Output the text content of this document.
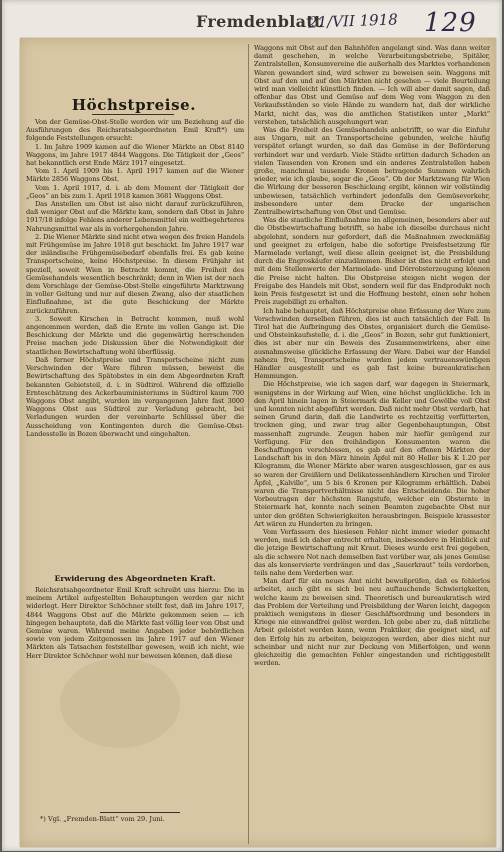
Fremdenblatt
21/VII 1918 129
Höchstpreise.

Von der Gemüse-Obst-Stelle werden wir um Beziehung auf die Ausführungen des Reichsratsabgeordneten Emil Kraft*) um folgende Feststellungen ersucht:

1. Im Jahre 1909 kamen auf die Wiener Märkte an Obst 8140 Waggons, im Jahre 1917 4844 Waggons. Die Tätigkeit der „Geos“ hat bekanntlich erst Ende März 1917 eingesetzt.

Vom 1. April 1909 bis 1. April 1917 kamen auf die Wiener Märkte 2856 Waggons Obst.

Vom 1. April 1917, d. i. ab dem Moment der Tätigkeit der „Geos“ an bis zum 1. April 1918 kamen 3681 Waggons Obst.

Das Anstellen um Obst ist also nicht darauf zurückzuführen, daß weniger Obst auf die Märkte kam, sondern daß Obst in Jahre 1917/18 infolge Fehlens anderer Lebensmittel ein weitbegehrteres Nahrungsmittel war als in vorhergehenden Jahre.

2. Die Wiener Märkte sind nicht etwa wegen des freien Handels mit Frühgemüse im Jahre 1918 gut beschickt. Im Jahre 1917 war der inländische Frühgemüsebedarf ebenfalls frei. Es gab keine Transportscheine, keine Höchstpreise. In diesem Frühjahr ist speziell, soweit Wien in Betracht kommt, die Freiheit des Gemüsehandels wesentlich beschränkt; denn in Wien ist der nach dem Vorschlage der Gemüse-Obst-Stelle eingeführte Marktzwang in voller Geltung und nur auf diesen Zwang, also der staatlichen Einflußnahme, ist die gute Beschickung der Märkte zurückzuführen.

3. Soweit Kirschen in Betracht kommen, muß wohl angenommen werden, daß die Ernte im vollen Gange ist. Die Beschickung der Märkte und die gegenwärtig herrschenden Preise machen jede Diskussion über die Notwendigkeit der staatlichen Bewirtschaftung wohl überflüssig.

Daß ferner Höchstpreise und Transportscheine nicht zum Verschwinden der Ware führen müssen, beweist die Bewirtschaftung des Spätobstes in ein dem Abgeordneten Kraft bekannten Gebietsteil, d. i. in Südtirol. Während die offizielle Ernteschätzung des Ackerbauministeriums in Südtirol kaum 700 Waggons Obst angibt, wurden im vergangenen Jahre fast 3000 Waggons Obst aus Südtirol zur Verladung gebracht, bei Verladungen wurden der vereinbarte Schlüssel über die Ausscheidung von Kontingenten durch die Gemüse-Obst-Landesstelle in Bozen überwacht und eingehalten.

Erwiderung des Abgeordneten Kraft.

Reichsratsabgeordneter Emil Kraft schreibt uns hierzu: Die in meinem Artikel aufgestellten Behauptungen werden gar nicht widerlegt. Herr Direktor Schöchner stellt fest, daß im Jahre 1917, 4844 Waggons Obst auf die Märkte gekommen seien — ich hingegen behauptete, daß die Märkte fast völlig leer von Obst und Gemüse waren. Während meine Angaben jeder behördlichen sowie von jedem Zeitgenossen im Jahre 1917 auf den Wiener Märkten als Tatsachen feststellbar gewesen, weiß ich nicht, wie Herr Direktor Schöchner wohl nur beweisen können, daß diese

*) Vgl. „Fremden-Blatt“ vom 29. Juni.

Waggons mit Obst auf den Bahnhöfen angelangt sind. Was dann weiter damit geschehen, in welche Verarbeitungsbetriebe, Spitäler, Zentralstellen, Konsumvereine die außerhalb des Marktes vorhandenen Waren gewandert sind, wird schwer zu beweisen sein. Waggons mit Obst auf den und auf den Märkten nicht gesehen — viele Beurteilung wird man vielleicht künstlich finden. — Ich will aber damit sagen, daß offenbar das Obst und Gemüse auf dem Weg vom Waggon zu den Verkaufsständen so viele Hände zu wandern hat, daß der wirkliche Markt, nicht das, was die amtlichen Statistiken unter „Markt“ verstehen, tatsächlich ausgehungert war.

Was die Freiheit des Gemüsehandels anbetrifft, so war die Einfuhr aus Ungarn, mit an Transportscheine gebunden, welche häufig verspätet erlangt wurden, so daß das Gemüse in der Beförderung verhindert war und verdarb. Viele Städte erlitten dadurch Schaden an vielen Tausenden von Kronen und ein anderes Zentralstellen haben große, manchmal tausende Kronen betragende Summen wahrlich wieder, wie ich glaube, sogar die „Geos“. Ob der Marktzwang für Wien die Wirkung der besseren Beschickung ergibt, können wir vollständig unbewiesen, tatsächlich verhindert jedenfalls den Gemüseverkehr, insbesondere unter dem Drucke der ungarischen Zentralbewirtschaftung von Obst und Gemüse.

Was die staatliche Einflußnahme im allgemeinen, besonders aber auf die Obstbewirtschaftung betrifft, so habe ich dieselbe durchaus nicht abgelehnt, sondern nur gefordert, daß die Maßnahmen zweckmäßig und geeignet zu erfolgen, habe die sofortige Preisfestsetzung für Marmelade verlangt, weil diese allein geeignet ist, die Preisbildung durch die Engroskäufer einzudämmen. Bisher ist dies nicht erfolgt und mit dem Stellenwerte der Marmelade- und Dörrobsterzeugung können die Preise nicht halten. Die Obstpreise steigen nicht wegen der Freigabe des Handels mit Obst, sondern weil für das Endprodukt noch kein Preis festgesetzt ist und die Hoffnung besteht, einen sehr hohen Preis zugebilligt zu erhalten.

Ich habe behauptet, daß Höchstpreise ohne Erfassung der Ware zum Verschwinden derselben führen, dies ist auch tatsächlich der Fall. In Tirol hat die Aufbringung des Obstes, organisiert durch die Gemüse- und Obsteinkaufsstelle, d. i. die „Geos“ in Bozen, sehr gut funktioniert, dies ist aber nur ein Beweis des Zusammenwirkens, aber eine ausnahmsweise glückliche Erfassung der Ware. Dabei war der Handel nahezu frei, Transportscheine wurden jedem vertrauenswürdigen Händler ausgestellt und es gab fast keine bureaukratischen Hemmungen.

Die Höchstpreise, wie ich sagen darf, war dagegen in Steiermark, wenigstens in der Wirkung auf Wien, eine höchst unglückliche. Ich in den April hinein lagen in Steiermark die Keller und Gewölbe voll Obst und konnten nicht abgeführt werden. Daß nicht mehr Obst verdarb, hat seinen Grund darin, daß die Landwirte es rechtzeitig verfütterten, trocknen ging, und zwar trug aller Gegenbehauptungen, Obst massenhaft zugrunde. Zeugen haben mir hiefür genügend zur Verfügung. Für den freihändigen Konsumenten waren die Beschaffungen verschlossen, es gab auf den offenen Märkten der Landschaft bis in den März hinein Äpfel mit 80 Heller bis K 1.20 per Kilogramm, die Wiener Märkte aber waren ausgeschlossen, gar es aus so waren der Greißlern und Delikatessenhändlern Kirschen und Tiroler Äpfel, „Kalville“, um 5 bis 6 Kronen per Kilogramm erhältlich. Dabei waren die Transportverhältnisse nicht das Entscheidende. Die hoher Vorbeutragen der höchsten Rangstufe, welcher ein Obsternte in Steiermark hat, konnte nach seinen Beamten zugebachte Obst nur unter den größten Schwierigkeiten herausbringen. Beispiele krassester Art wären zu Hunderten zu bringen.

Vom Verfassern des hiesiesen Fehler nicht immer wieder gemacht werden, muß ich daher entrecht erhalten, insbesondere in Hinblick auf die jetzige Bewirtschaftung mit Kraut. Dieses wurde erst frei gegeben, als die schwere Not nach demselben fast vorüber war, als jenes Gemüse das als konservierte verdrängen und das „Sauerkraut“ teils verdorben, teils nahe dem Verderben war.

Man darf für ein neues Amt nicht bewußprüfen, daß es fehlerlos arbeitet, auch gibt es sich bei neu auftauchende Schwierigkeiten, welche kaum zu beweisen sind. Theoretisch und bureaukratisch wird das Problem der Verteilung und Preisbildung der Waren leicht, dagegen praktisch wenigstens in dieser Geschäftsordnung und besonders in Kriege nie einwandfrei gelöst werden. Ich gebe aber zu, daß nützliche Arbeit geleistet werden kann, wenn Praktiker, die geeignet sind, auf den Erfolg hin zu arbeiten, beigezogen werden, aber dies nicht nur scheinbar und nicht nur zur Deckung von Mißerfolgen, und wenn gleichzeitig die gemachten Fehler eingestanden und richtiggestellt werden.
